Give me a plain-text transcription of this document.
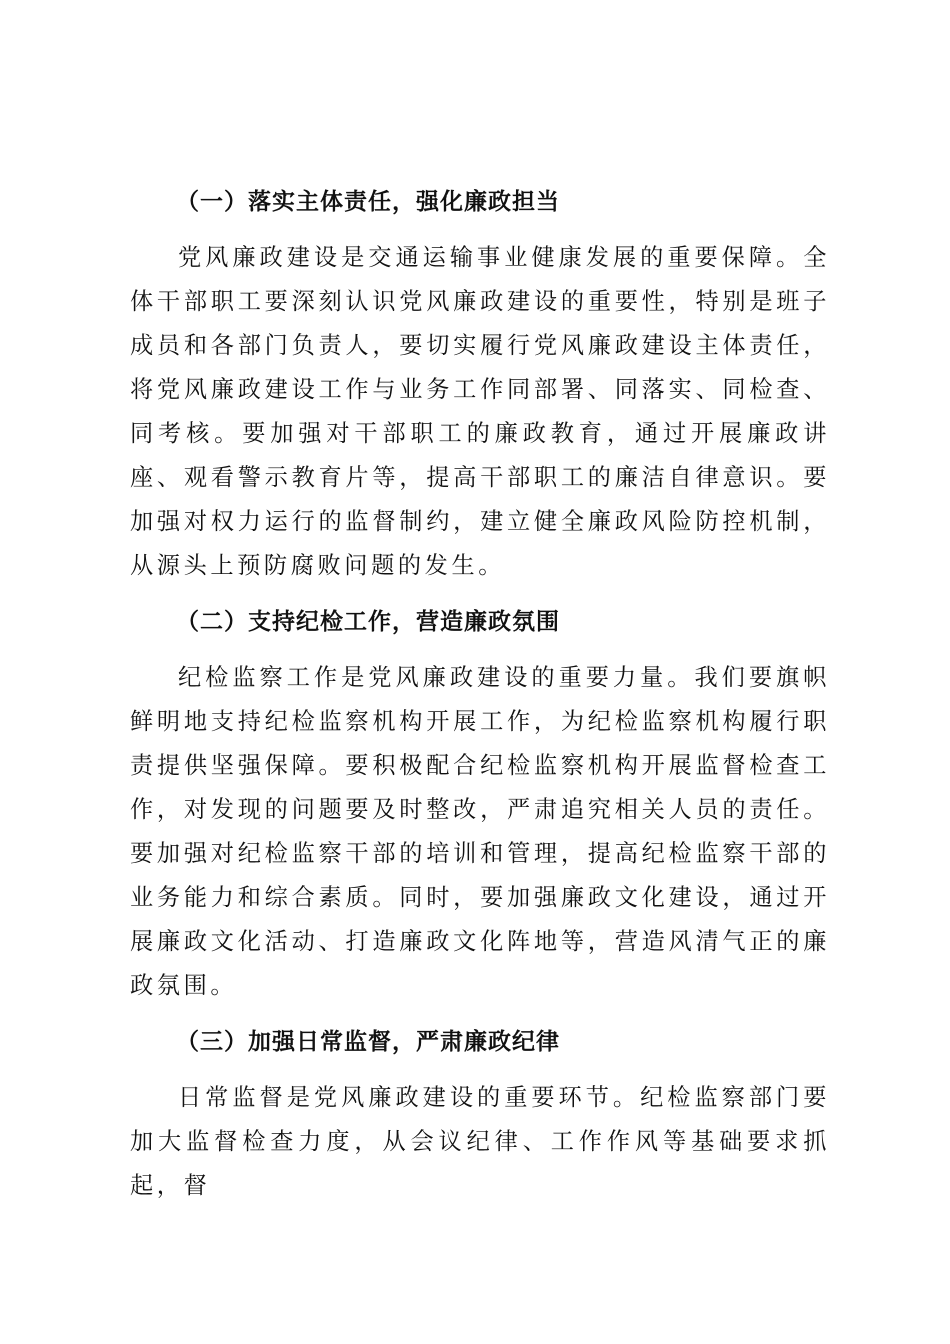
（一）落实主体责任，强化廉政担当
党风廉政建设是交通运输事业健康发展的重要保障。全体干部职工要深刻认识党风廉政建设的重要性，特别是班子成员和各部门负责人，要切实履行党风廉政建设主体责任，将党风廉政建设工作与业务工作同部署、同落实、同检查、同考核。要加强对干部职工的廉政教育，通过开展廉政讲座、观看警示教育片等，提高干部职工的廉洁自律意识。要加强对权力运行的监督制约，建立健全廉政风险防控机制，从源头上预防腐败问题的发生。
（二）支持纪检工作，营造廉政氛围
纪检监察工作是党风廉政建设的重要力量。我们要旗帜鲜明地支持纪检监察机构开展工作，为纪检监察机构履行职责提供坚强保障。要积极配合纪检监察机构开展监督检查工作，对发现的问题要及时整改，严肃追究相关人员的责任。要加强对纪检监察干部的培训和管理，提高纪检监察干部的业务能力和综合素质。同时，要加强廉政文化建设，通过开展廉政文化活动、打造廉政文化阵地等，营造风清气正的廉政氛围。
（三）加强日常监督，严肃廉政纪律
日常监督是党风廉政建设的重要环节。纪检监察部门要加大监督检查力度，从会议纪律、工作作风等基础要求抓起，督
